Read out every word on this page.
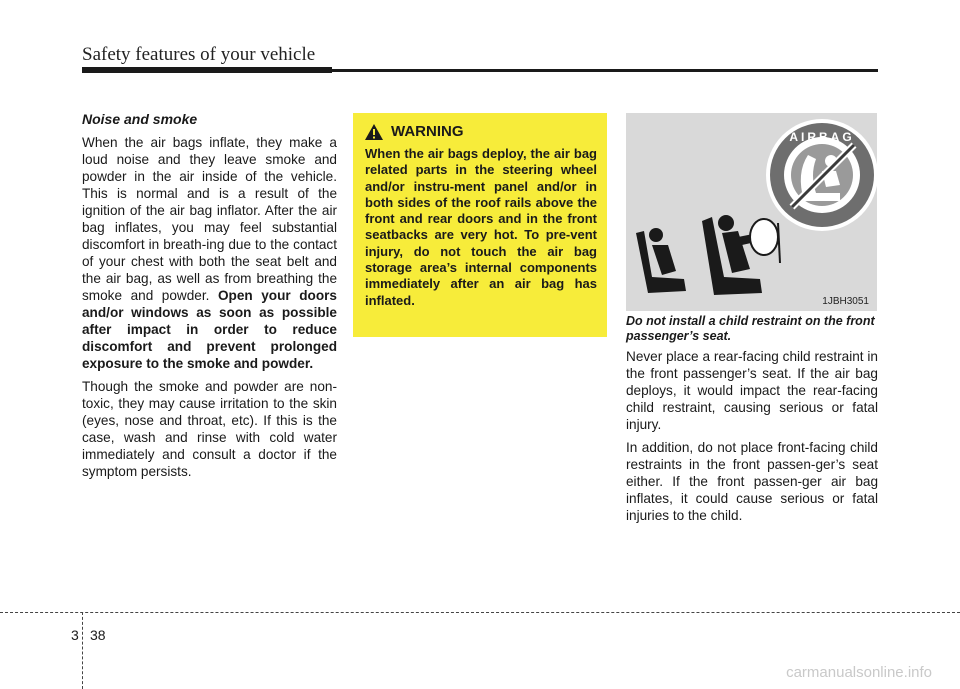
Safety features of your vehicle
Noise and smoke

When the air bags inflate, they make a loud noise and they leave smoke and powder in the air inside of the vehicle. This is normal and is a result of the ignition of the air bag inflator. After the air bag inflates, you may feel substantial discomfort in breath-ing due to the contact of your chest with both the seat belt and the air bag, as well as from breathing the smoke and powder. Open your doors and/or windows as soon as possible after impact in order to reduce discomfort and prevent prolonged exposure to the smoke and powder.

Though the smoke and powder are non-toxic, they may cause irritation to the skin (eyes, nose and throat, etc). If this is the case, wash and rinse with cold water immediately and consult a doctor if the symptom persists.

WARNING
When the air bags deploy, the air bag related parts in the steering wheel and/or instru-ment panel and/or in both sides of the roof rails above the front and rear doors and in the front seatbacks are very hot. To pre-vent injury, do not touch the air bag storage area’s internal components immediately after an air bag has inflated.
AIRBAG
1JBH3051
Do not install a child restraint on the front passenger’s seat.

Never place a rear-facing child restraint in the front passenger’s seat. If the air bag deploys, it would impact the rear-facing child restraint, causing serious or fatal injury.

In addition, do not place front-facing child restraints in the front passen-ger’s seat either. If the front passen-ger air bag inflates, it could cause serious or fatal injuries to the child.

3 38
carmanualsonline.info
